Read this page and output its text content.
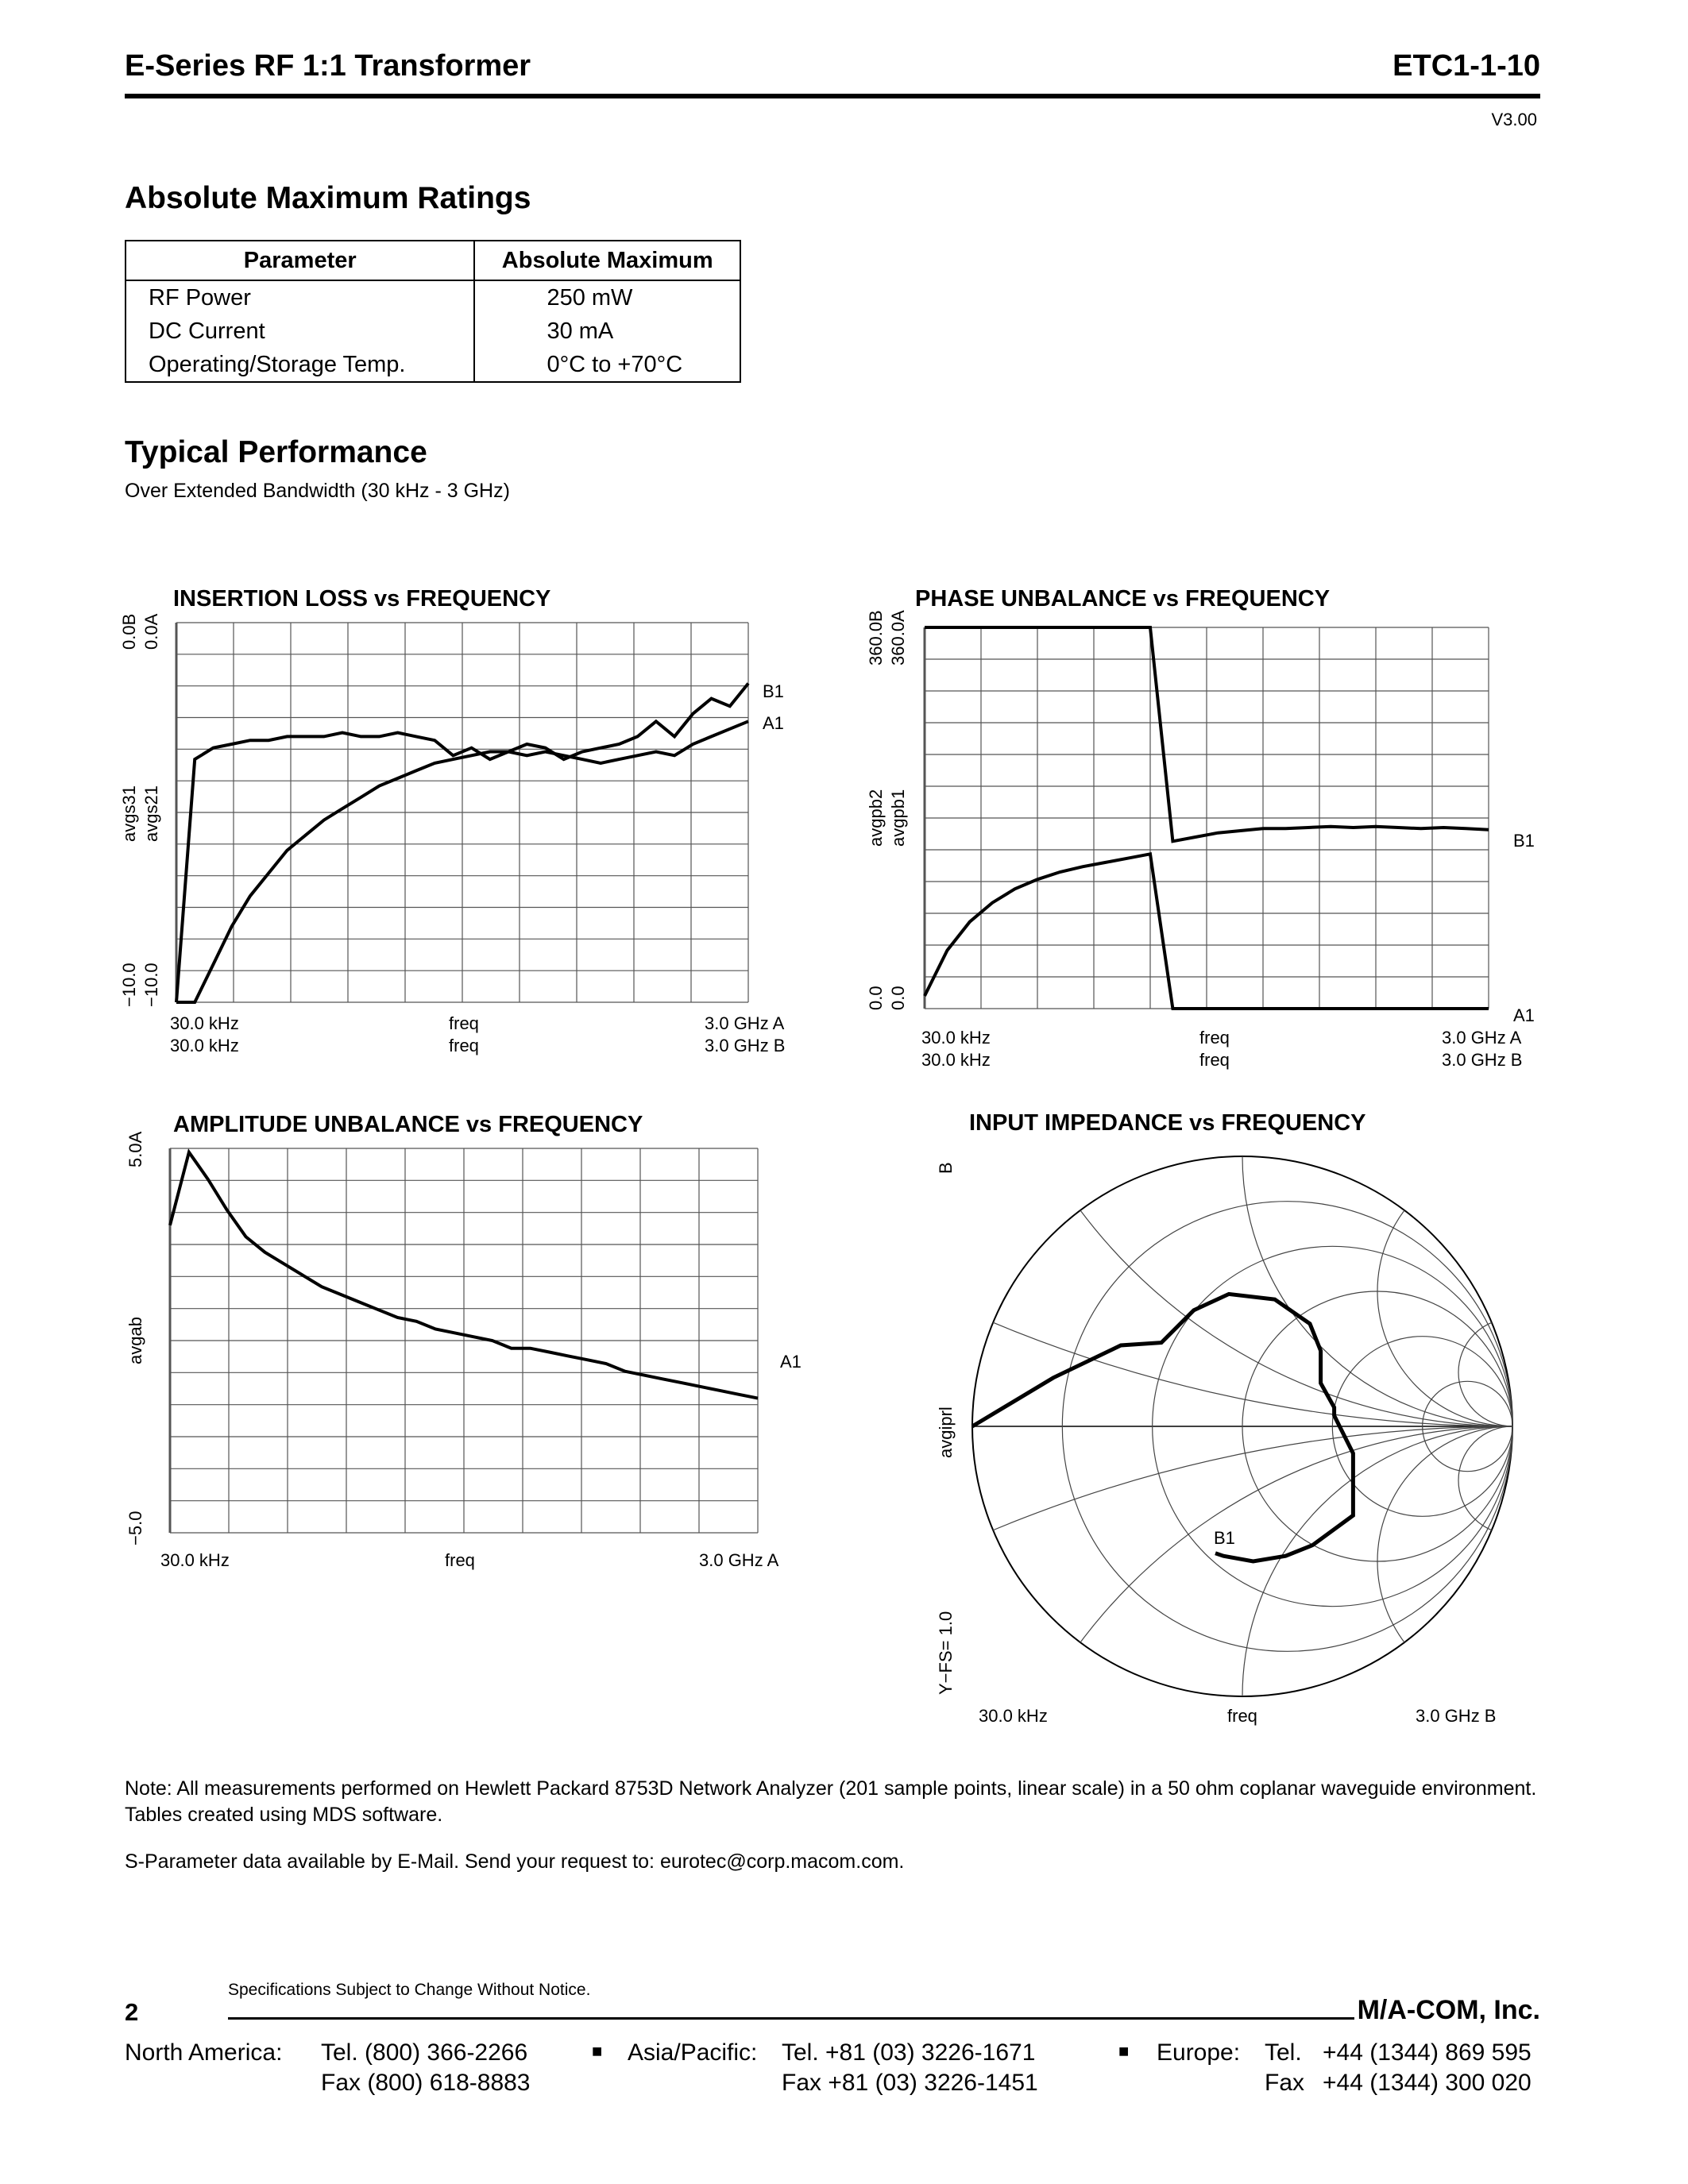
E-Series RF 1:1 Transformer	ETC1-1-10
V3.00
Absolute Maximum Ratings
Parameter	Absolute Maximum
RF Power	250 mW
DC Current	30 mA
Operating/Storage Temp.	0°C to +70°C
Typical Performance
Over Extended Bandwidth (30 kHz - 3 GHz)
INSERTION LOSS vs FREQUENCY
0.0B 0.0A
avgs31 avgs21
−10.0 −10.0
B1
A1
30.0 kHz	freq	3.0 GHz A
30.0 kHz	freq	3.0 GHz B
PHASE UNBALANCE vs FREQUENCY
360.0B 360.0A
avgpb2 avgpb1
0.0 0.0
B1
A1
30.0 kHz	freq	3.0 GHz A
30.0 kHz	freq	3.0 GHz B
AMPLITUDE UNBALANCE vs FREQUENCY
5.0A
avgab
−5.0
A1
30.0 kHz	freq	3.0 GHz A
INPUT IMPEDANCE vs FREQUENCY
B
avgiprl
Y−FS= 1.0
B1
30.0 kHz	freq	3.0 GHz B
Note: All measurements performed on Hewlett Packard 8753D Network Analyzer (201 sample points, linear scale) in a 50 ohm coplanar waveguide environment. Tables created using MDS software.
S-Parameter data available by E-Mail. Send your request to: eurotec@corp.macom.com.
Specifications Subject to Change Without Notice.
2	M/A-COM, Inc.
North America: Tel. (800) 366-2266
Fax (800) 618-8883
■ Asia/Pacific: Tel. +81 (03) 3226-1671
Fax +81 (03) 3226-1451
■ Europe: Tel. +44 (1344) 869 595
Fax +44 (1344) 300 020
